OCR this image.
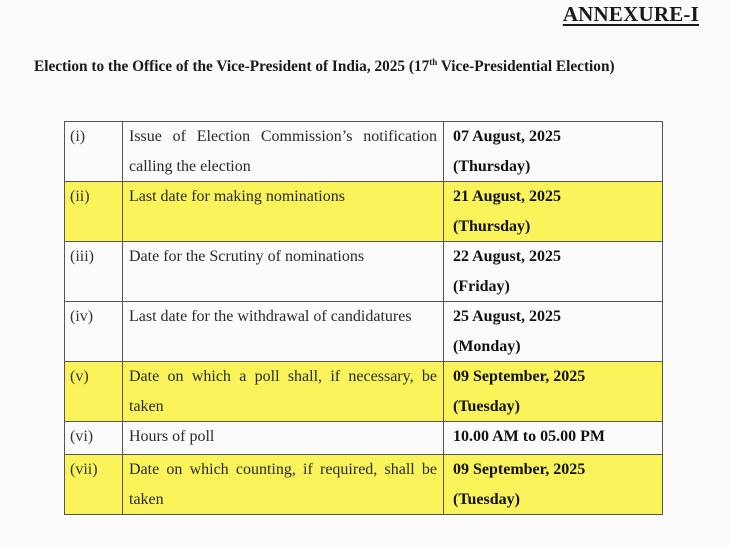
ANNEXURE-I
Election to the Office of the Vice-President of India, 2025 (17th Vice-Presidential Election)
(i)	Issue of Election Commission’s notification calling the election	07 August, 2025
(Thursday)

(ii)	Last date for making nominations	21 August, 2025
(Thursday)

(iii)	Date for the Scrutiny of nominations	22 August, 2025
(Friday)

(iv)	Last date for the withdrawal of candidatures	25 August, 2025
(Monday)

(v)	Date on which a poll shall, if necessary, be taken	09 September, 2025
(Tuesday)

(vi)	Hours of poll	10.00 AM to 05.00 PM

(vii)	Date on which counting, if required, shall be taken	09 September, 2025
(Tuesday)
